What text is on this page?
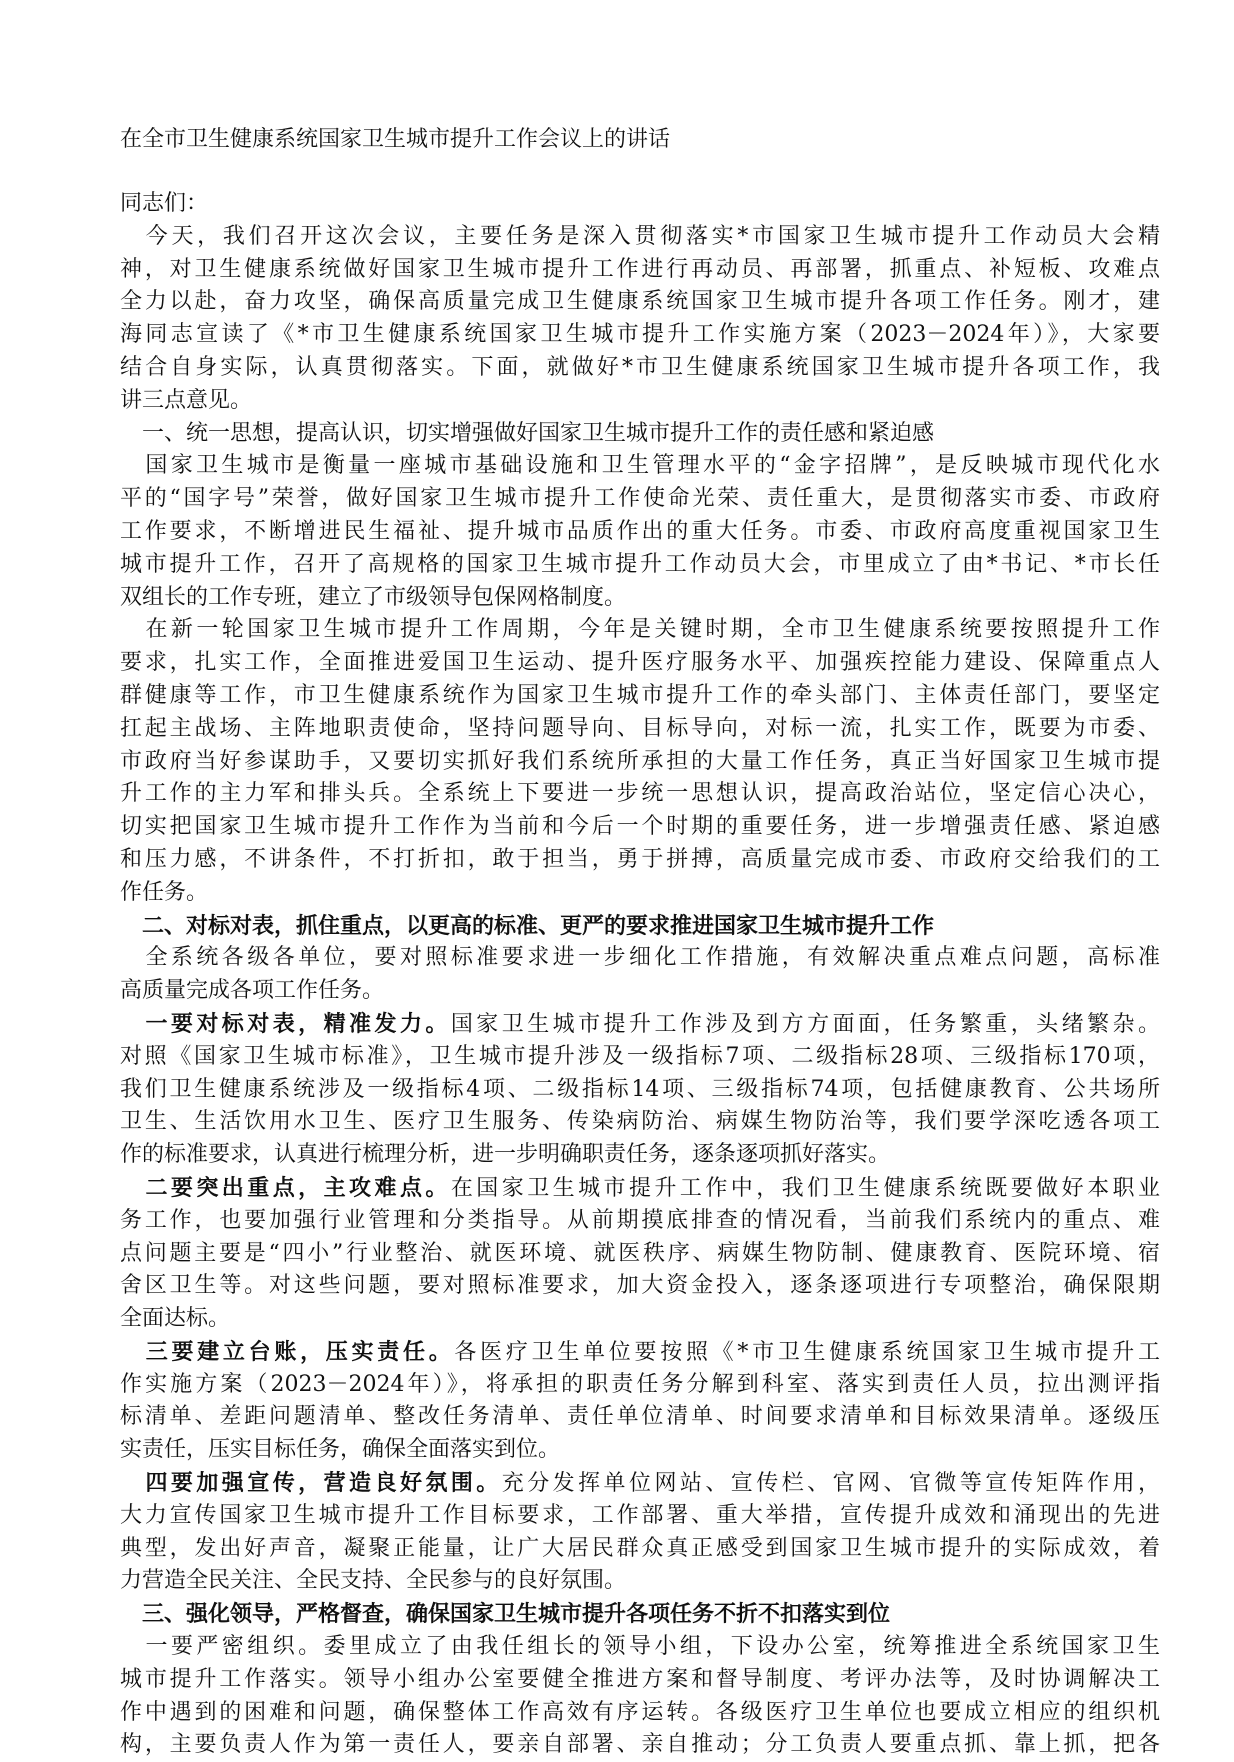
在全市卫生健康系统国家卫生城市提升工作会议上的讲话
同志们：
　今天，我们召开这次会议，主要任务是深入贯彻落实*市国家卫生城市提升工作动员大会精
神，对卫生健康系统做好国家卫生城市提升工作进行再动员、再部署，抓重点、补短板、攻难点
全力以赴，奋力攻坚，确保高质量完成卫生健康系统国家卫生城市提升各项工作任务。刚才，建
海同志宣读了《*市卫生健康系统国家卫生城市提升工作实施方案（2023－2024年）》，大家要
结合自身实际，认真贯彻落实。下面，就做好*市卫生健康系统国家卫生城市提升各项工作，我
讲三点意见。
　一、统一思想，提高认识，切实增强做好国家卫生城市提升工作的责任感和紧迫感
　国家卫生城市是衡量一座城市基础设施和卫生管理水平的“金字招牌”，是反映城市现代化水
平的“国字号”荣誉，做好国家卫生城市提升工作使命光荣、责任重大，是贯彻落实市委、市政府
工作要求，不断增进民生福祉、提升城市品质作出的重大任务。市委、市政府高度重视国家卫生
城市提升工作，召开了高规格的国家卫生城市提升工作动员大会，市里成立了由*书记、*市长任
双组长的工作专班，建立了市级领导包保网格制度。
　在新一轮国家卫生城市提升工作周期，今年是关键时期，全市卫生健康系统要按照提升工作
要求，扎实工作，全面推进爱国卫生运动、提升医疗服务水平、加强疾控能力建设、保障重点人
群健康等工作，市卫生健康系统作为国家卫生城市提升工作的牵头部门、主体责任部门，要坚定
扛起主战场、主阵地职责使命，坚持问题导向、目标导向，对标一流，扎实工作，既要为市委、
市政府当好参谋助手，又要切实抓好我们系统所承担的大量工作任务，真正当好国家卫生城市提
升工作的主力军和排头兵。全系统上下要进一步统一思想认识，提高政治站位，坚定信心决心，
切实把国家卫生城市提升工作作为当前和今后一个时期的重要任务，进一步增强责任感、紧迫感
和压力感，不讲条件，不打折扣，敢于担当，勇于拼搏，高质量完成市委、市政府交给我们的工
作任务。
　二、对标对表，抓住重点，以更高的标准、更严的要求推进国家卫生城市提升工作
　全系统各级各单位，要对照标准要求进一步细化工作措施，有效解决重点难点问题，高标准
高质量完成各项工作任务。
　一要对标对表，精准发力。国家卫生城市提升工作涉及到方方面面，任务繁重，头绪繁杂。
对照《国家卫生城市标准》，卫生城市提升涉及一级指标7项、二级指标28项、三级指标170项，
我们卫生健康系统涉及一级指标4项、二级指标14项、三级指标74项，包括健康教育、公共场所
卫生、生活饮用水卫生、医疗卫生服务、传染病防治、病媒生物防治等，我们要学深吃透各项工
作的标准要求，认真进行梳理分析，进一步明确职责任务，逐条逐项抓好落实。
　二要突出重点，主攻难点。在国家卫生城市提升工作中，我们卫生健康系统既要做好本职业
务工作，也要加强行业管理和分类指导。从前期摸底排查的情况看，当前我们系统内的重点、难
点问题主要是“四小”行业整治、就医环境、就医秩序、病媒生物防制、健康教育、医院环境、宿
舍区卫生等。对这些问题，要对照标准要求，加大资金投入，逐条逐项进行专项整治，确保限期
全面达标。
　三要建立台账，压实责任。各医疗卫生单位要按照《*市卫生健康系统国家卫生城市提升工
作实施方案（2023－2024年）》，将承担的职责任务分解到科室、落实到责任人员，拉出测评指
标清单、差距问题清单、整改任务清单、责任单位清单、时间要求清单和目标效果清单。逐级压
实责任，压实目标任务，确保全面落实到位。
　四要加强宣传，营造良好氛围。充分发挥单位网站、宣传栏、官网、官微等宣传矩阵作用，
大力宣传国家卫生城市提升工作目标要求，工作部署、重大举措，宣传提升成效和涌现出的先进
典型，发出好声音，凝聚正能量，让广大居民群众真正感受到国家卫生城市提升的实际成效，着
力营造全民关注、全民支持、全民参与的良好氛围。
　三、强化领导，严格督查，确保国家卫生城市提升各项任务不折不扣落实到位
　一要严密组织。委里成立了由我任组长的领导小组，下设办公室，统筹推进全系统国家卫生
城市提升工作落实。领导小组办公室要健全推进方案和督导制度、考评办法等，及时协调解决工
作中遇到的困难和问题，确保整体工作高效有序运转。各级医疗卫生单位也要成立相应的组织机
构，主要负责人作为第一责任人，要亲自部署、亲自推动；分工负责人要重点抓、靠上抓，把各
